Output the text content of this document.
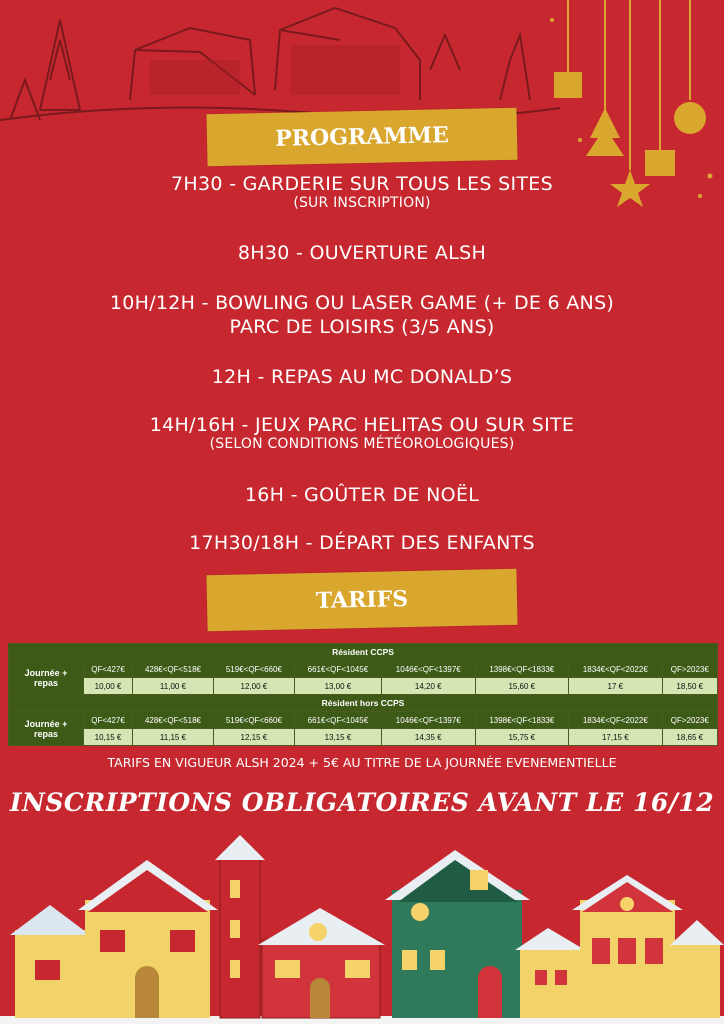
PROGRAMME
7H30 - GARDERIE SUR TOUS LES SITES
(SUR INSCRIPTION)
8H30 - OUVERTURE ALSH
10H/12H - BOWLING OU LASER GAME (+ DE 6 ANS)
PARC DE LOISIRS (3/5 ANS)
12H - REPAS AU MC DONALD’S
14H/16H - JEUX PARC HELITAS OU SUR SITE
(SELON CONDITIONS MÉTÉOROLOGIQUES)
16H - GOÛTER DE NOËL
17H30/18H - DÉPART DES ENFANTS
TARIFS
Résident CCPS								
Journée +
repas	QF<427€	428€<QF<518€	519€<QF<660€	661€<QF<1045€	1046€<QF<1397€	1398€<QF<1833€	1834€<QF<2022€	QF>2023€
	10,00 €	11,00 €	12,00 €	13,00 €	14,20 €	15,60 €	17 €	18,50 €
Résident hors CCPS								
Journée +
repas	QF<427€	428€<QF<518€	519€<QF<660€	661€<QF<1045€	1046€<QF<1397€	1398€<QF<1833€	1834€<QF<2022€	QF>2023€
	10,15 €	11,15 €	12,15 €	13,15 €	14,35 €	15,75 €	17,15 €	18,65 €
TARIFS EN VIGUEUR ALSH 2024 + 5€ AU TITRE DE LA JOURNÉE EVENEMENTIELLE
INSCRIPTIONS OBLIGATOIRES AVANT LE 16/12
